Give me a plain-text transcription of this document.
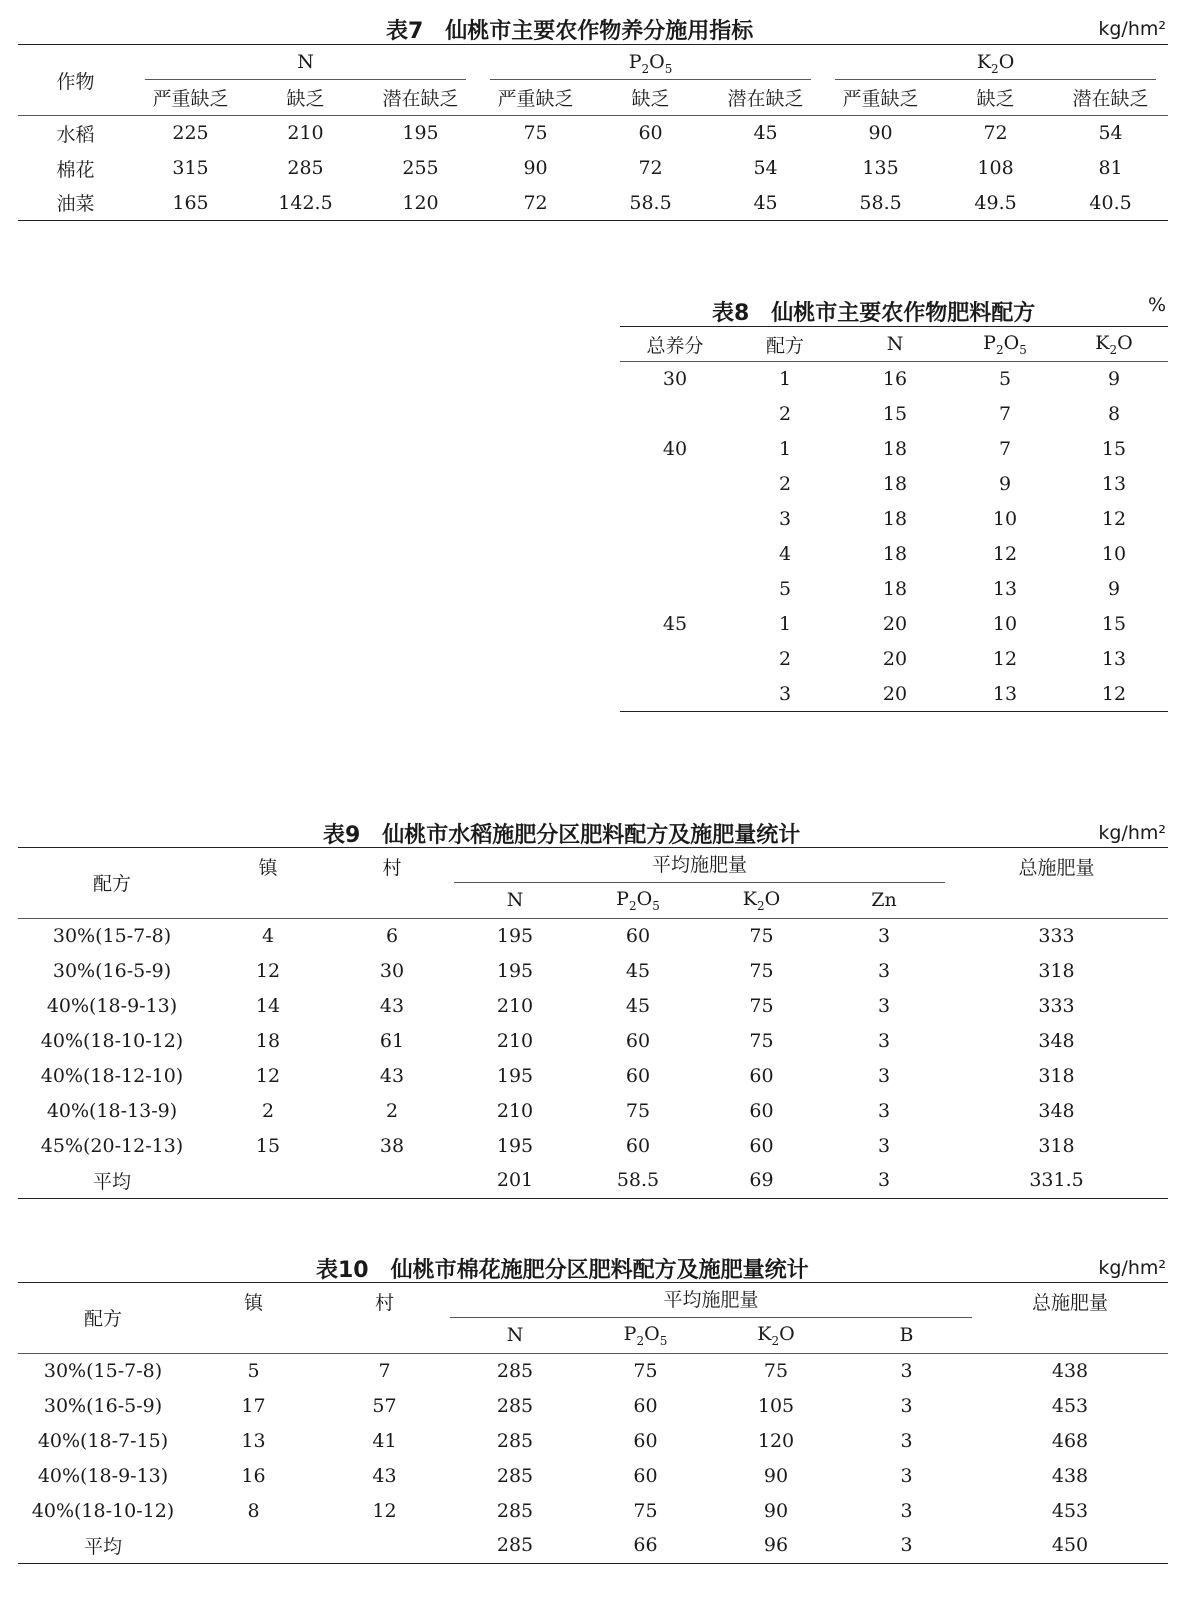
表7　仙桃市主要农作物养分施用指标	kg/hm²
作物	N			$P_2O_5$			$K_2O$		

	严重缺乏	缺乏	潜在缺乏	严重缺乏	缺乏	潜在缺乏	严重缺乏	缺乏	潜在缺乏
水稻	225	210	195	75	60	45	90	72	54
棉花	315	285	255	90	72	54	135	108	81
油菜	165	142.5	120	72	58.5	45	58.5	49.5	40.5
表8　仙桃市主要农作物肥料配方	%
总养分	配方	N	$P_2O_5$	$K_2O$
30	1	16	5	9
	2	15	7	8
40	1	18	7	15
	2	18	9	13
	3	18	10	12
	4	18	12	10
	5	18	13	9
45	1	20	10	15
	2	20	12	13
	3	20	13	12
表9　仙桃市水稻施肥分区肥料配方及施肥量统计	kg/hm²
配方	镇	村	平均施肥量				总施肥量
			N	$P_2O_5$	$K_2O$	Zn	
30%(15-7-8)	4	6	195	60	75	3	333
30%(16-5-9)	12	30	195	45	75	3	318
40%(18-9-13)	14	43	210	45	75	3	333
40%(18-10-12)	18	61	210	60	75	3	348
40%(18-12-10)	12	43	195	60	60	3	318
40%(18-13-9)	2	2	210	75	60	3	348
45%(20-12-13)	15	38	195	60	60	3	318
平均			201	58.5	69	3	331.5
表10　仙桃市棉花施肥分区肥料配方及施肥量统计	kg/hm²
配方	镇	村	平均施肥量				总施肥量
			N	$P_2O_5$	$K_2O$	B	
30%(15-7-8)	5	7	285	75	75	3	438
30%(16-5-9)	17	57	285	60	105	3	453
40%(18-7-15)	13	41	285	60	120	3	468
40%(18-9-13)	16	43	285	60	90	3	438
40%(18-10-12)	8	12	285	75	90	3	453
平均			285	66	96	3	450
